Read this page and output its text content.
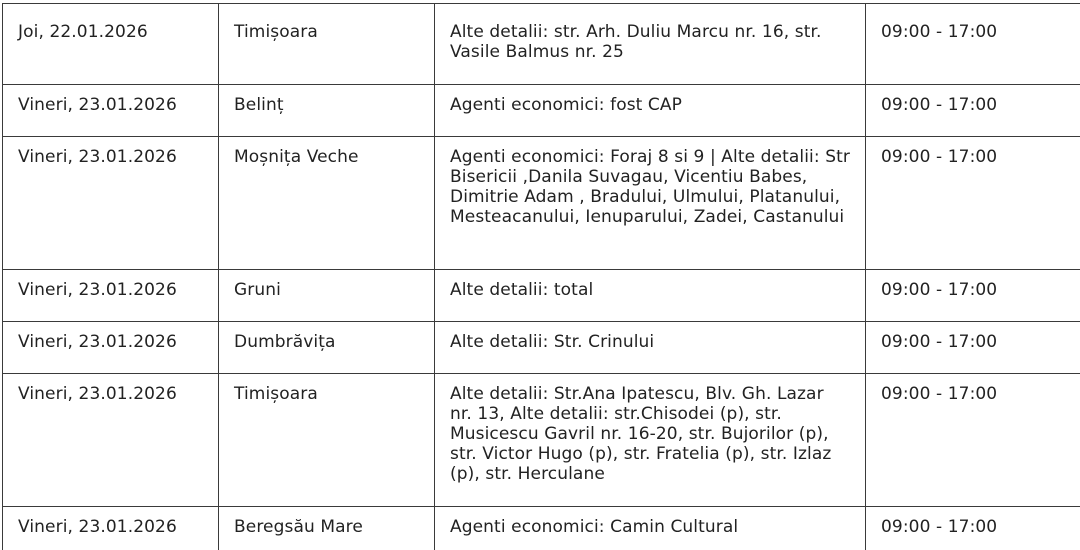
Joi, 22.01.2026	Timișoara	Alte detalii: str. Arh. Duliu Marcu nr. 16, str. Vasile Balmus nr. 25	09:00 - 17:00
Vineri, 23.01.2026	Belinț	Agenti economici: fost CAP	09:00 - 17:00
Vineri, 23.01.2026	Moșnița Veche	Agenti economici: Foraj 8 si 9 | Alte detalii: Str Bisericii ,Danila Suvagau, Vicentiu Babes, Dimitrie Adam , Bradului, Ulmului, Platanului, Mesteacanului, Ienuparului, Zadei, Castanului	09:00 - 17:00
Vineri, 23.01.2026	Gruni	Alte detalii: total	09:00 - 17:00
Vineri, 23.01.2026	Dumbrăvița	Alte detalii: Str. Crinului	09:00 - 17:00
Vineri, 23.01.2026	Timișoara	Alte detalii: Str.Ana Ipatescu, Blv. Gh. Lazar nr. 13, Alte detalii: str.Chisodei (p), str. Musicescu Gavril nr. 16-20, str. Bujorilor (p), str. Victor Hugo (p), str. Fratelia (p), str. Izlaz (p), str. Herculane	09:00 - 17:00
Vineri, 23.01.2026	Beregsău Mare	Agenti economici: Camin Cultural	09:00 - 17:00
